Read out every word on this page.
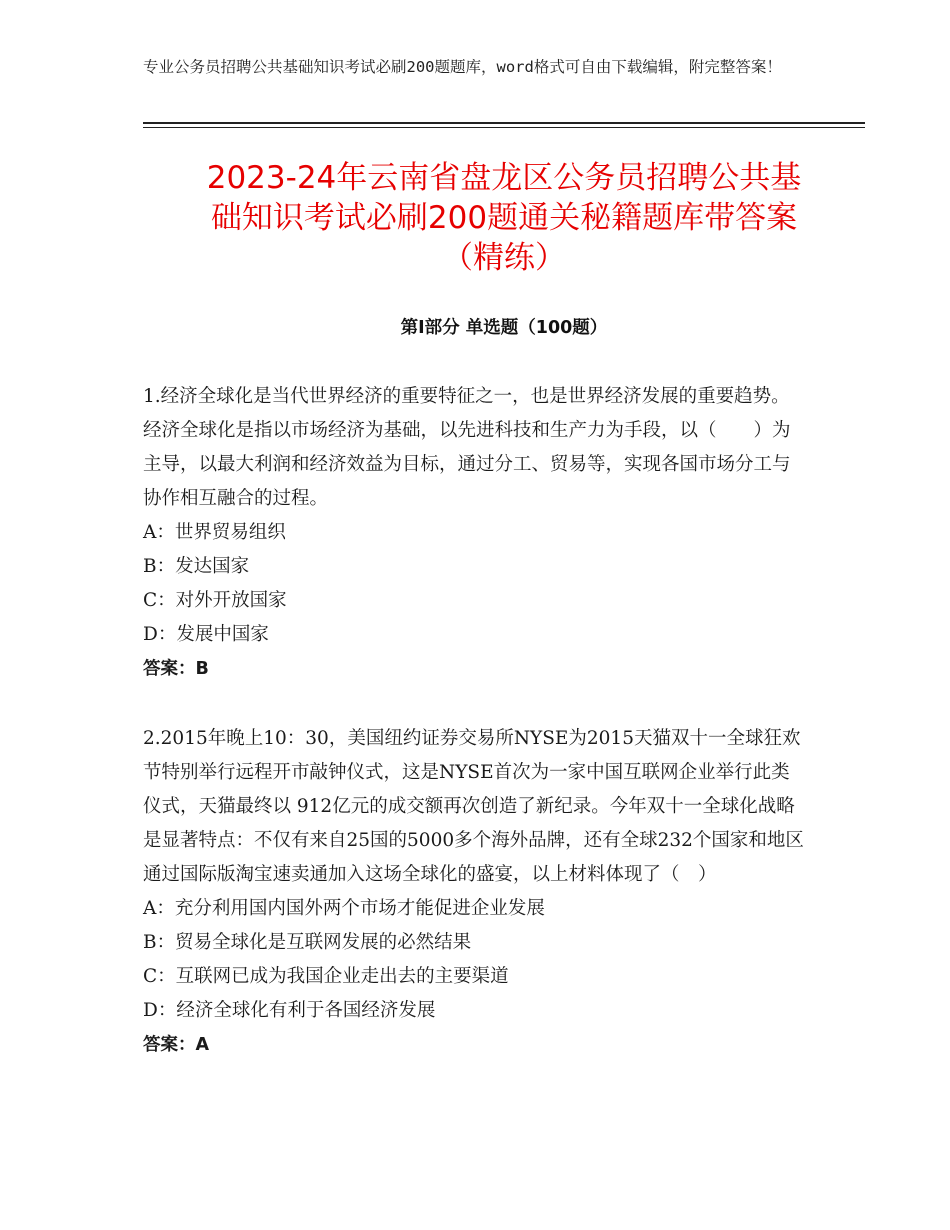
专业公务员招聘公共基础知识考试必刷200题题库，word格式可自由下载编辑，附完整答案！
2023-24年云南省盘龙区公务员招聘公共基
础知识考试必刷200题通关秘籍题库带答案
（精练）
第Ⅰ部分 单选题（100题）

1.经济全球化是当代世界经济的重要特征之一，也是世界经济发展的重要趋势。经济全球化是指以市场经济为基础，以先进科技和生产力为手段，以（　　）为主导，以最大利润和经济效益为目标，通过分工、贸易等，实现各国市场分工与协作相互融合的过程。

A：世界贸易组织

B：发达国家

C：对外开放国家

D：发展中国家

答案：B

2.2015年晚上10：30，美国纽约证券交易所NYSE为2015天猫双十一全球狂欢节特别举行远程开市敲钟仪式，这是NYSE首次为一家中国互联网企业举行此类仪式，天猫最终以 912亿元的成交额再次创造了新纪录。今年双十一全球化战略是显著特点：不仅有来自25国的5000多个海外品牌，还有全球232个国家和地区通过国际版淘宝速卖通加入这场全球化的盛宴，以上材料体现了（　）

A：充分利用国内国外两个市场才能促进企业发展

B：贸易全球化是互联网发展的必然结果

C：互联网已成为我国企业走出去的主要渠道

D：经济全球化有利于各国经济发展

答案：A
